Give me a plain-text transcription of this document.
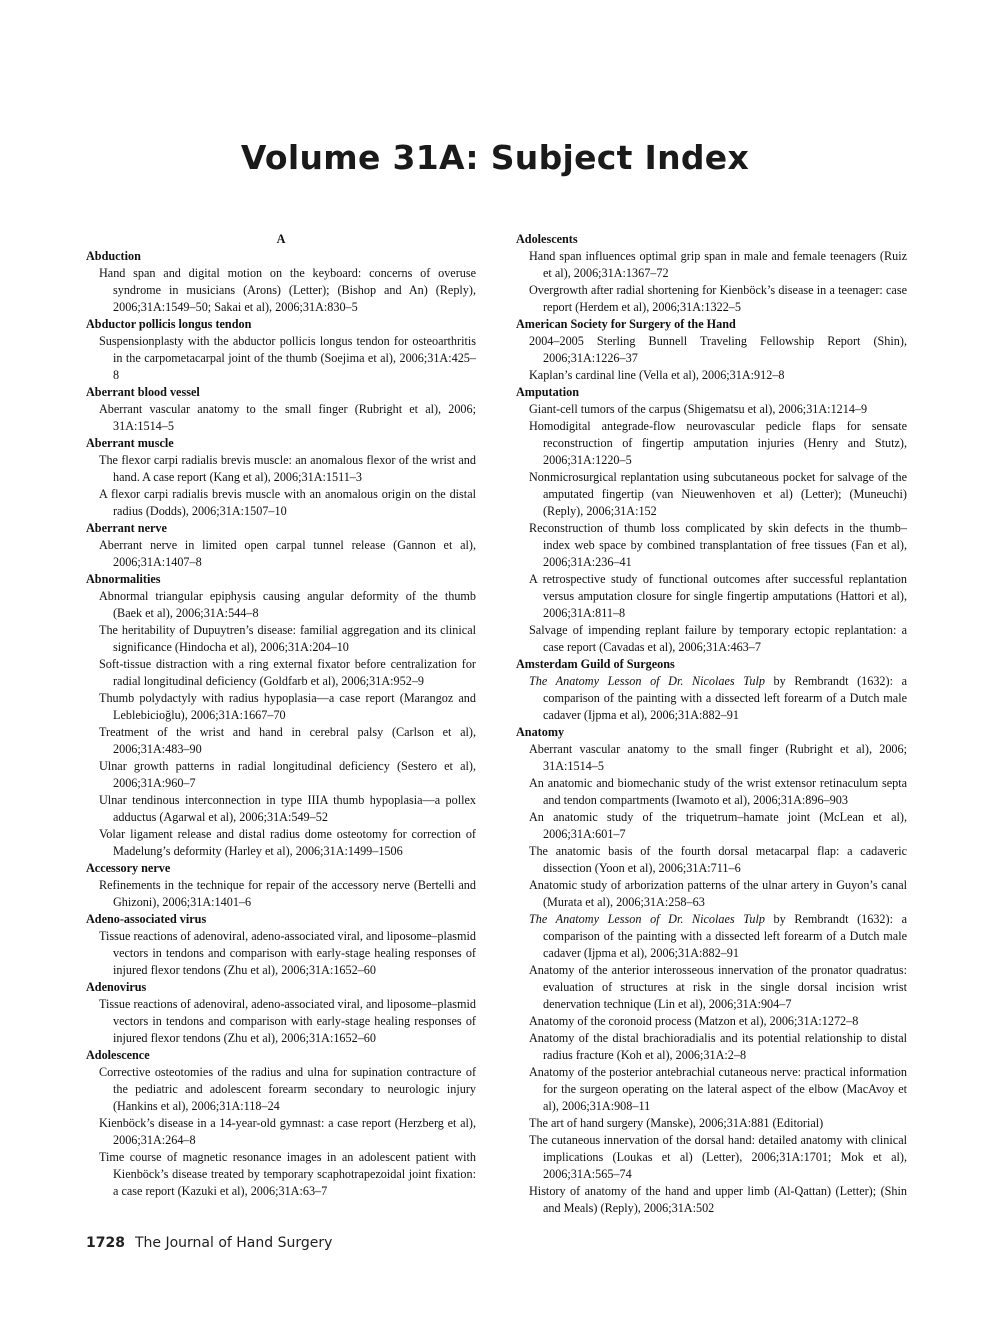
Volume 31A: Subject Index
A
Abduction
Hand span and digital motion on the keyboard: concerns of overuse syndrome in musicians (Arons) (Letter); (Bishop and An) (Reply), 2006;31A:1549–50; Sakai et al), 2006;31A:830–5
Abductor pollicis longus tendon
Suspensionplasty with the abductor pollicis longus tendon for osteoarthritis in the carpometacarpal joint of the thumb (Soejima et al), 2006;31A:425–8
Aberrant blood vessel
Aberrant vascular anatomy to the small finger (Rubright et al), 2006; 31A:1514–5
Aberrant muscle
The flexor carpi radialis brevis muscle: an anomalous flexor of the wrist and hand. A case report (Kang et al), 2006;31A:1511–3
A flexor carpi radialis brevis muscle with an anomalous origin on the distal radius (Dodds), 2006;31A:1507–10
Aberrant nerve
Aberrant nerve in limited open carpal tunnel release (Gannon et al), 2006;31A:1407–8
Abnormalities
Abnormal triangular epiphysis causing angular deformity of the thumb (Baek et al), 2006;31A:544–8
The heritability of Dupuytren’s disease: familial aggregation and its clinical significance (Hindocha et al), 2006;31A:204–10
Soft-tissue distraction with a ring external fixator before centralization for radial longitudinal deficiency (Goldfarb et al), 2006;31A:952–9
Thumb polydactyly with radius hypoplasia—a case report (Marangoz and Leblebicioğlu), 2006;31A:1667–70
Treatment of the wrist and hand in cerebral palsy (Carlson et al), 2006;31A:483–90
Ulnar growth patterns in radial longitudinal deficiency (Sestero et al), 2006;31A:960–7
Ulnar tendinous interconnection in type IIIA thumb hypoplasia—a pollex adductus (Agarwal et al), 2006;31A:549–52
Volar ligament release and distal radius dome osteotomy for correction of Madelung’s deformity (Harley et al), 2006;31A:1499–1506
Accessory nerve
Refinements in the technique for repair of the accessory nerve (Bertelli and Ghizoni), 2006;31A:1401–6
Adeno-associated virus
Tissue reactions of adenoviral, adeno-associated viral, and liposome–plasmid vectors in tendons and comparison with early-stage healing responses of injured flexor tendons (Zhu et al), 2006;31A:1652–60
Adenovirus
Tissue reactions of adenoviral, adeno-associated viral, and liposome–plasmid vectors in tendons and comparison with early-stage healing responses of injured flexor tendons (Zhu et al), 2006;31A:1652–60
Adolescence
Corrective osteotomies of the radius and ulna for supination contracture of the pediatric and adolescent forearm secondary to neurologic injury (Hankins et al), 2006;31A:118–24
Kienböck’s disease in a 14-year-old gymnast: a case report (Herzberg et al), 2006;31A:264–8
Time course of magnetic resonance images in an adolescent patient with Kienböck’s disease treated by temporary scaphotrapezoidal joint fixation: a case report (Kazuki et al), 2006;31A:63–7
Adolescents
Hand span influences optimal grip span in male and female teenagers (Ruiz et al), 2006;31A:1367–72
Overgrowth after radial shortening for Kienböck’s disease in a teenager: case report (Herdem et al), 2006;31A:1322–5
American Society for Surgery of the Hand
2004–2005 Sterling Bunnell Traveling Fellowship Report (Shin), 2006;31A:1226–37
Kaplan’s cardinal line (Vella et al), 2006;31A:912–8
Amputation
Giant-cell tumors of the carpus (Shigematsu et al), 2006;31A:1214–9
Homodigital antegrade-flow neurovascular pedicle flaps for sensate reconstruction of fingertip amputation injuries (Henry and Stutz), 2006;31A:1220–5
Nonmicrosurgical replantation using subcutaneous pocket for salvage of the amputated fingertip (van Nieuwenhoven et al) (Letter); (Muneuchi) (Reply), 2006;31A:152
Reconstruction of thumb loss complicated by skin defects in the thumb–index web space by combined transplantation of free tissues (Fan et al), 2006;31A:236–41
A retrospective study of functional outcomes after successful replantation versus amputation closure for single fingertip amputations (Hattori et al), 2006;31A:811–8
Salvage of impending replant failure by temporary ectopic replantation: a case report (Cavadas et al), 2006;31A:463–7
Amsterdam Guild of Surgeons
The Anatomy Lesson of Dr. Nicolaes Tulp by Rembrandt (1632): a comparison of the painting with a dissected left forearm of a Dutch male cadaver (Ijpma et al), 2006;31A:882–91
Anatomy
Aberrant vascular anatomy to the small finger (Rubright et al), 2006; 31A:1514–5
An anatomic and biomechanic study of the wrist extensor retinaculum septa and tendon compartments (Iwamoto et al), 2006;31A:896–903
An anatomic study of the triquetrum–hamate joint (McLean et al), 2006;31A:601–7
The anatomic basis of the fourth dorsal metacarpal flap: a cadaveric dissection (Yoon et al), 2006;31A:711–6
Anatomic study of arborization patterns of the ulnar artery in Guyon’s canal (Murata et al), 2006;31A:258–63
The Anatomy Lesson of Dr. Nicolaes Tulp by Rembrandt (1632): a comparison of the painting with a dissected left forearm of a Dutch male cadaver (Ijpma et al), 2006;31A:882–91
Anatomy of the anterior interosseous innervation of the pronator quadratus: evaluation of structures at risk in the single dorsal incision wrist denervation technique (Lin et al), 2006;31A:904–7
Anatomy of the coronoid process (Matzon et al), 2006;31A:1272–8
Anatomy of the distal brachioradialis and its potential relationship to distal radius fracture (Koh et al), 2006;31A:2–8
Anatomy of the posterior antebrachial cutaneous nerve: practical information for the surgeon operating on the lateral aspect of the elbow (MacAvoy et al), 2006;31A:908–11
The art of hand surgery (Manske), 2006;31A:881 (Editorial)
The cutaneous innervation of the dorsal hand: detailed anatomy with clinical implications (Loukas et al) (Letter), 2006;31A:1701; Mok et al), 2006;31A:565–74
History of anatomy of the hand and upper limb (Al-Qattan) (Letter); (Shin and Meals) (Reply), 2006;31A:502
1728 The Journal of Hand Surgery
